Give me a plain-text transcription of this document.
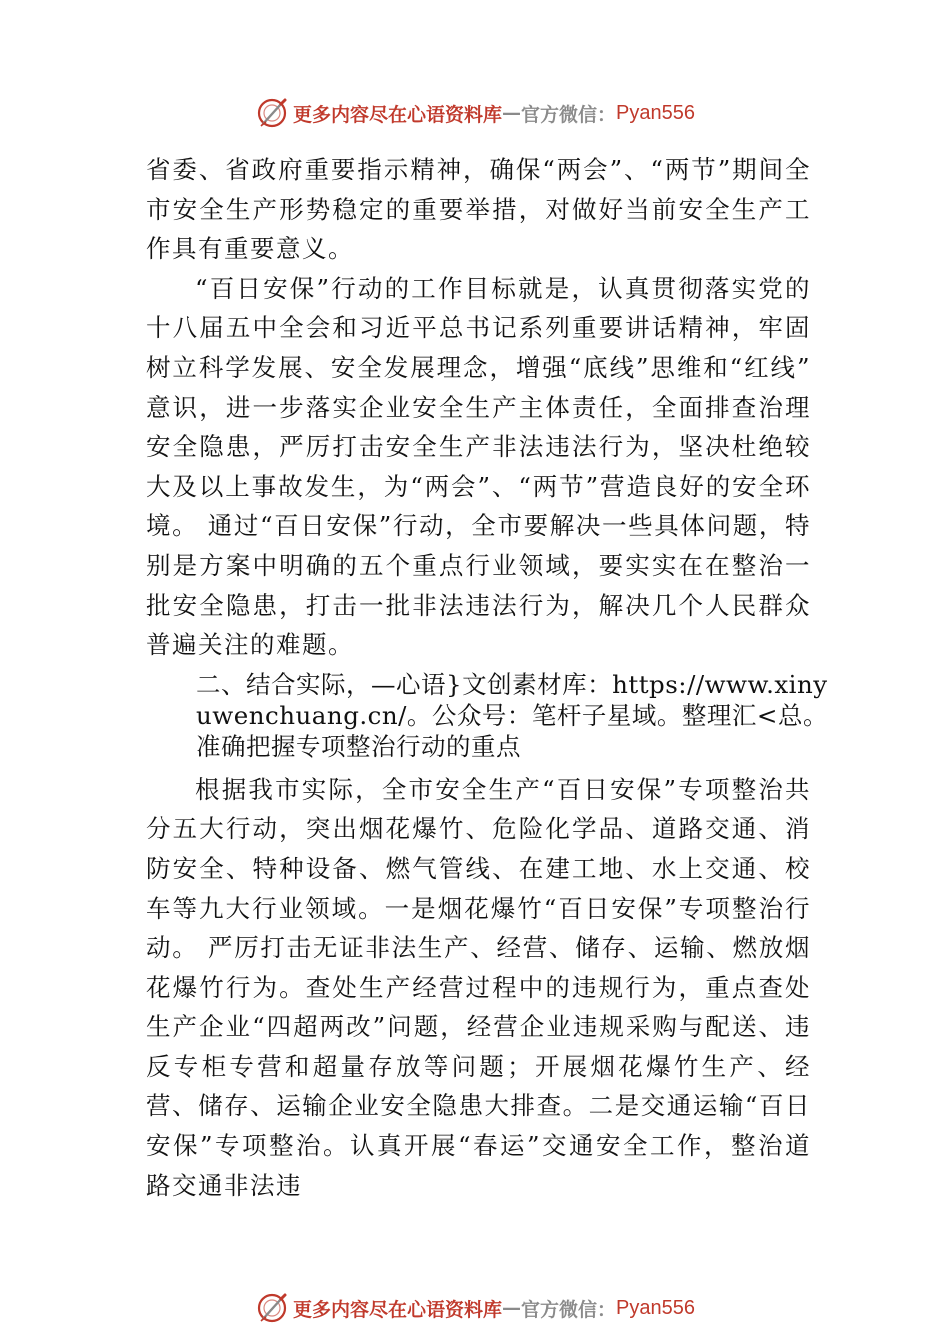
更多内容尽在心语资料库 — 官方微信： Pyan556

省委、省政府重要指示精神，确保“两会”、“两节”期间全市安全生产形势稳定的重要举措，对做好当前安全生产工作具有重要意义。

“百日安保”行动的工作目标就是，认真贯彻落实党的十八届五中全会和习近平总书记系列重要讲话精神，牢固树立科学发展、安全发展理念，增强“底线”思维和“红线” 意识，进一步落实企业安全生产主体责任，全面排查治理安全隐患，严厉打击安全生产非法违法行为，坚决杜绝较大及以上事故发生，为“两会”、“两节”营造良好的安全环境。 通过“百日安保”行动，全市要解决一些具体问题，特别是方案中明确的五个重点行业领域，要实实在在整治一批安全隐患，打击一批非法违法行为，解决几个人民群众普遍关注的难题。

二、结合实际，—心语}文创素材库：https://www.xinyuwenchuang.cn/。公众号：笔杆子星域。整理汇<总。准确把握专项整治行动的重点

根据我市实际，全市安全生产“百日安保”专项整治共分五大行动，突出烟花爆竹、危险化学品、道路交通、消防安全、特种设备、燃气管线、在建工地、水上交通、校车等九大行业领域。一是烟花爆竹“百日安保”专项整治行动。 严厉打击无证非法生产、经营、储存、运输、燃放烟花爆竹行为。查处生产经营过程中的违规行为，重点查处生产企业“四超两改”问题，经营企业违规采购与配送、违反专柜专营和超量存放等问题；开展烟花爆竹生产、经营、储存、运输企业安全隐患大排查。二是交通运输“百日安保”专项整治。认真开展“春运”交通安全工作，整治道路交通非法违

更多内容尽在心语资料库 — 官方微信： Pyan556
